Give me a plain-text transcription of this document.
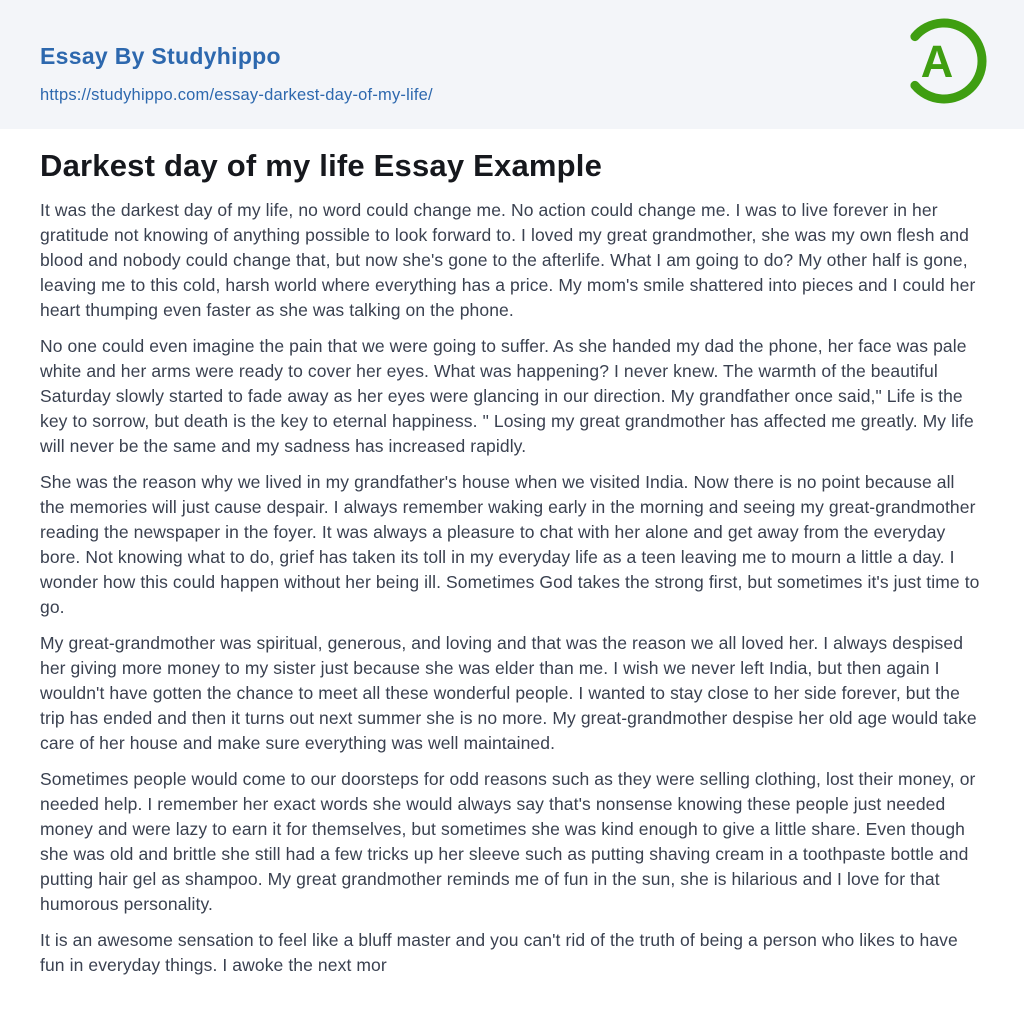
Essay By Studyhippo
https://studyhippo.com/essay-darkest-day-of-my-life/
A
Darkest day of my life Essay Example

It was the darkest day of my life, no word could change me. No action could change me. I was to live forever in her gratitude not knowing of anything possible to look forward to. I loved my great grandmother, she was my own flesh and blood and nobody could change that, but now she's gone to the afterlife. What I am going to do? My other half is gone, leaving me to this cold, harsh world where everything has a price. My mom's smile shattered into pieces and I could her heart thumping even faster as she was talking on the phone.

No one could even imagine the pain that we were going to suffer. As she handed my dad the phone, her face was pale white and her arms were ready to cover her eyes. What was happening? I never knew. The warmth of the beautiful Saturday slowly started to fade away as her eyes were glancing in our direction. My grandfather once said," Life is the key to sorrow, but death is the key to eternal happiness. " Losing my great grandmother has affected me greatly. My life will never be the same and my sadness has increased rapidly.

She was the reason why we lived in my grandfather's house when we visited India. Now there is no point because all the memories will just cause despair. I always remember waking early in the morning and seeing my great-grandmother reading the newspaper in the foyer. It was always a pleasure to chat with her alone and get away from the everyday bore. Not knowing what to do, grief has taken its toll in my everyday life as a teen leaving me to mourn a little a day. I wonder how this could happen without her being ill. Sometimes God takes the strong first, but sometimes it's just time to go.

My great-grandmother was spiritual, generous, and loving and that was the reason we all loved her. I always despised her giving more money to my sister just because she was elder than me. I wish we never left India, but then again I wouldn't have gotten the chance to meet all these wonderful people. I wanted to stay close to her side forever, but the trip has ended and then it turns out next summer she is no more. My great-grandmother despise her old age would take care of her house and make sure everything was well maintained.

Sometimes people would come to our doorsteps for odd reasons such as they were selling clothing, lost their money, or needed help. I remember her exact words she would always say that's nonsense knowing these people just needed money and were lazy to earn it for themselves, but sometimes she was kind enough to give a little share. Even though she was old and brittle she still had a few tricks up her sleeve such as putting shaving cream in a toothpaste bottle and putting hair gel as shampoo. My great grandmother reminds me of fun in the sun, she is hilarious and I love for that humorous personality.

It is an awesome sensation to feel like a bluff master and you can't rid of the truth of being a person who likes to have fun in everyday things. I awoke the next mor
